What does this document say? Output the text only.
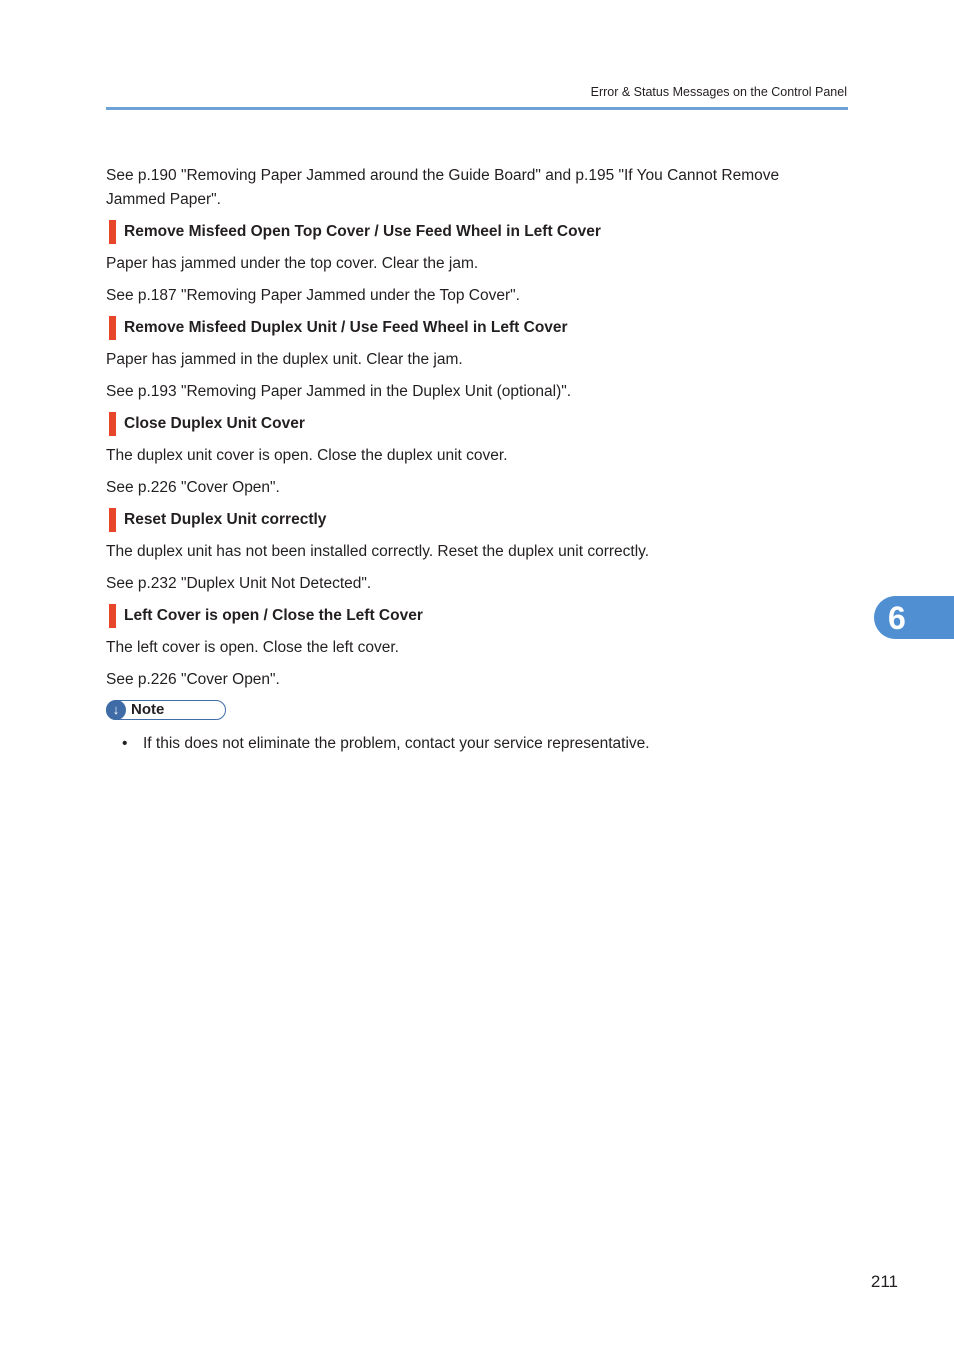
Error & Status Messages on the Control Panel

See p.190 "Removing Paper Jammed around the Guide Board" and p.195 "If You Cannot Remove
Jammed Paper".

Remove Misfeed Open Top Cover / Use Feed Wheel in Left Cover

Paper has jammed under the top cover. Clear the jam.

See p.187 "Removing Paper Jammed under the Top Cover".

Remove Misfeed Duplex Unit / Use Feed Wheel in Left Cover

Paper has jammed in the duplex unit. Clear the jam.

See p.193 "Removing Paper Jammed in the Duplex Unit (optional)".

Close Duplex Unit Cover

The duplex unit cover is open. Close the duplex unit cover.

See p.226 "Cover Open".

Reset Duplex Unit correctly

The duplex unit has not been installed correctly. Reset the duplex unit correctly.

See p.232 "Duplex Unit Not Detected".

Left Cover is open / Close the Left Cover

The left cover is open. Close the left cover.

See p.226 "Cover Open".

↓ Note
• If this does not eliminate the problem, contact your service representative.
6
211
